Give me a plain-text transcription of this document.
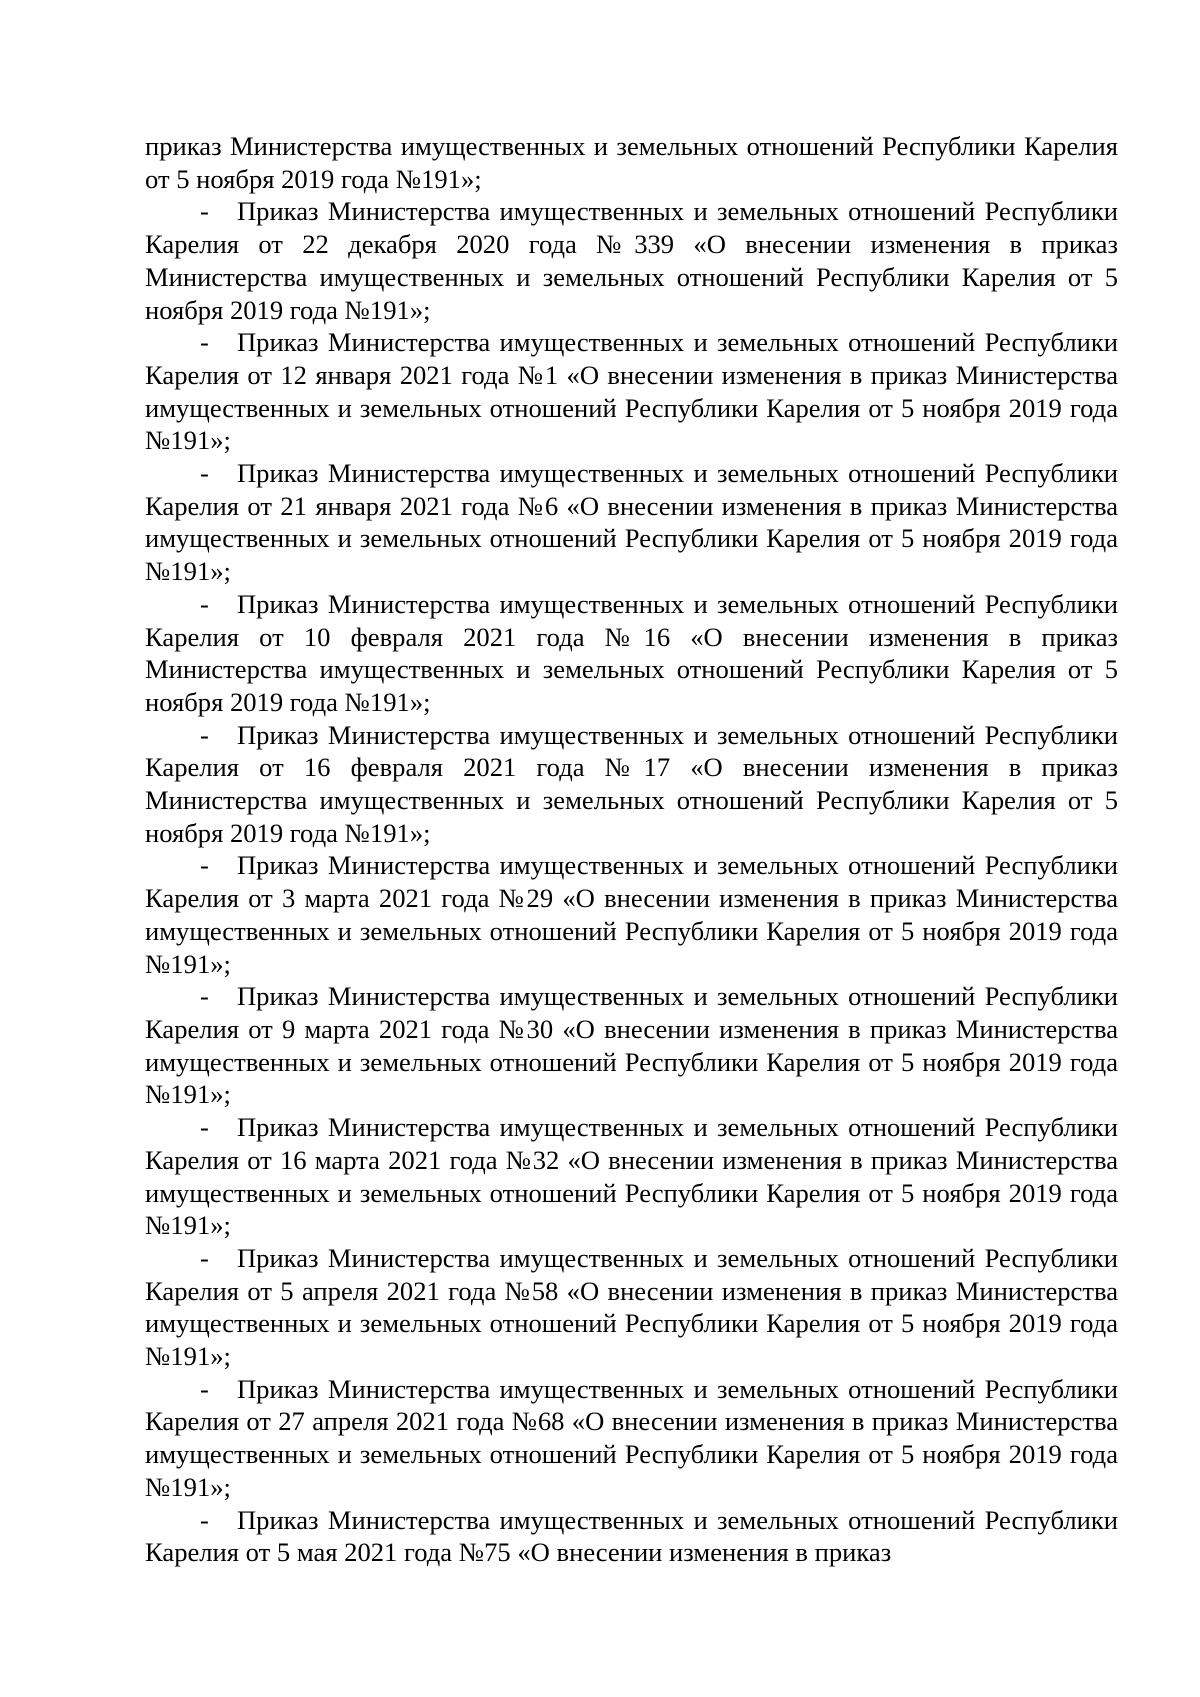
приказ Министерства имущественных и земельных отношений Республики Карелия от 5 ноября 2019 года №191»;

-   Приказ Министерства имущественных и земельных отношений Республики Карелия от 22 декабря 2020 года №339 «О внесении изменения в приказ Министерства имущественных и земельных отношений Республики Карелия от 5 ноября 2019 года №191»;

-   Приказ Министерства имущественных и земельных отношений Республики Карелия от 12 января 2021 года №1 «О внесении изменения в приказ Министерства имущественных и земельных отношений Республики Карелия от 5 ноября 2019 года №191»;

-   Приказ Министерства имущественных и земельных отношений Республики Карелия от 21 января 2021 года №6 «О внесении изменения в приказ Министерства имущественных и земельных отношений Республики Карелия от 5 ноября 2019 года №191»;

-   Приказ Министерства имущественных и земельных отношений Республики Карелия от 10 февраля 2021 года №16 «О внесении изменения в приказ Министерства имущественных и земельных отношений Республики Карелия от 5 ноября 2019 года №191»;

-   Приказ Министерства имущественных и земельных отношений Республики Карелия от 16 февраля 2021 года №17 «О внесении изменения в приказ Министерства имущественных и земельных отношений Республики Карелия от 5 ноября 2019 года №191»;

-   Приказ Министерства имущественных и земельных отношений Республики Карелия от 3 марта 2021 года №29 «О внесении изменения в приказ Министерства имущественных и земельных отношений Республики Карелия от 5 ноября 2019 года №191»;

-   Приказ Министерства имущественных и земельных отношений Республики Карелия от 9 марта 2021 года №30 «О внесении изменения в приказ Министерства имущественных и земельных отношений Республики Карелия от 5 ноября 2019 года №191»;

-   Приказ Министерства имущественных и земельных отношений Республики Карелия от 16 марта 2021 года №32 «О внесении изменения в приказ Министерства имущественных и земельных отношений Республики Карелия от 5 ноября 2019 года №191»;

-   Приказ Министерства имущественных и земельных отношений Республики Карелия от 5 апреля 2021 года №58 «О внесении изменения в приказ Министерства имущественных и земельных отношений Республики Карелия от 5 ноября 2019 года №191»;

-   Приказ Министерства имущественных и земельных отношений Республики Карелия от 27 апреля 2021 года №68 «О внесении изменения в приказ Министерства имущественных и земельных отношений Республики Карелия от 5 ноября 2019 года №191»;

-   Приказ Министерства имущественных и земельных отношений Республики Карелия от 5 мая 2021 года №75 «О внесении изменения в приказ
